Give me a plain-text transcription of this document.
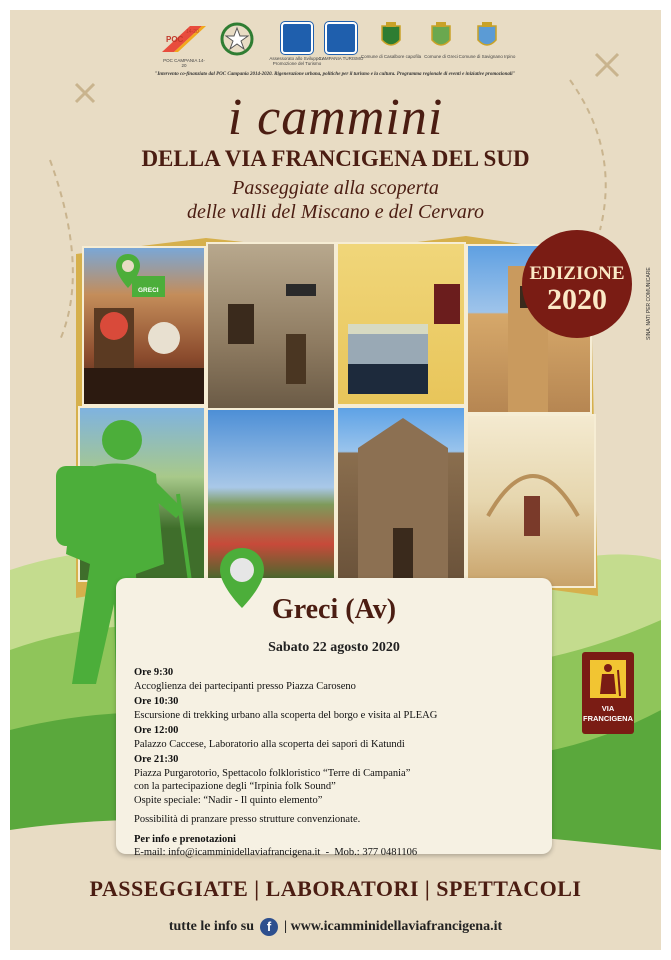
POC
14-20
POC CAMPANIA 14-20
Assessorato allo Sviluppo e Promozione del Turismo
CAMPANIA TURISMO
Comune di Casalbore capofila Comune di Greci Comune di Savignano Irpino
"Intervento co-finanziato dal POC Campania 2014-2020. Rigenerazione urbana, politiche per il turismo e la cultura. Programma regionale di eventi e iniziative promozionali"
i cammini
DELLA VIA FRANCIGENA DEL SUD
Passeggiate alla scoperta
delle valli del Miscano e del Cervaro
GRECI
EDIZIONE
2020	SINA. NATI PER COMUNICARE
Greci (Av)
Sabato 22 agosto 2020
Ore 9:30
Accoglienza dei partecipanti presso Piazza Caroseno
Ore 10:30
Escursione di trekking urbano alla scoperta del borgo e visita al PLEAG
Ore 12:00
Palazzo Caccese, Laboratorio alla scoperta dei sapori di Katundi
Ore 21:30
Piazza Purgarotorio, Spettacolo folkloristico “Terre di Campania”
con la partecipazione degli “Irpinia folk Sound”
Ospite speciale: “Nadir - Il quinto elemento”
Possibilità di pranzare presso strutture convenzionate.
Per info e prenotazioni
E-mail: info@icamminidellaviafrancigena.it  -  Mob.: 377 0481106
VIA
FRANCIGENA
PASSEGGIATE | LABORATORI | SPETTACOLI
tutte le info su f | www.icamminidellaviafrancigena.it
